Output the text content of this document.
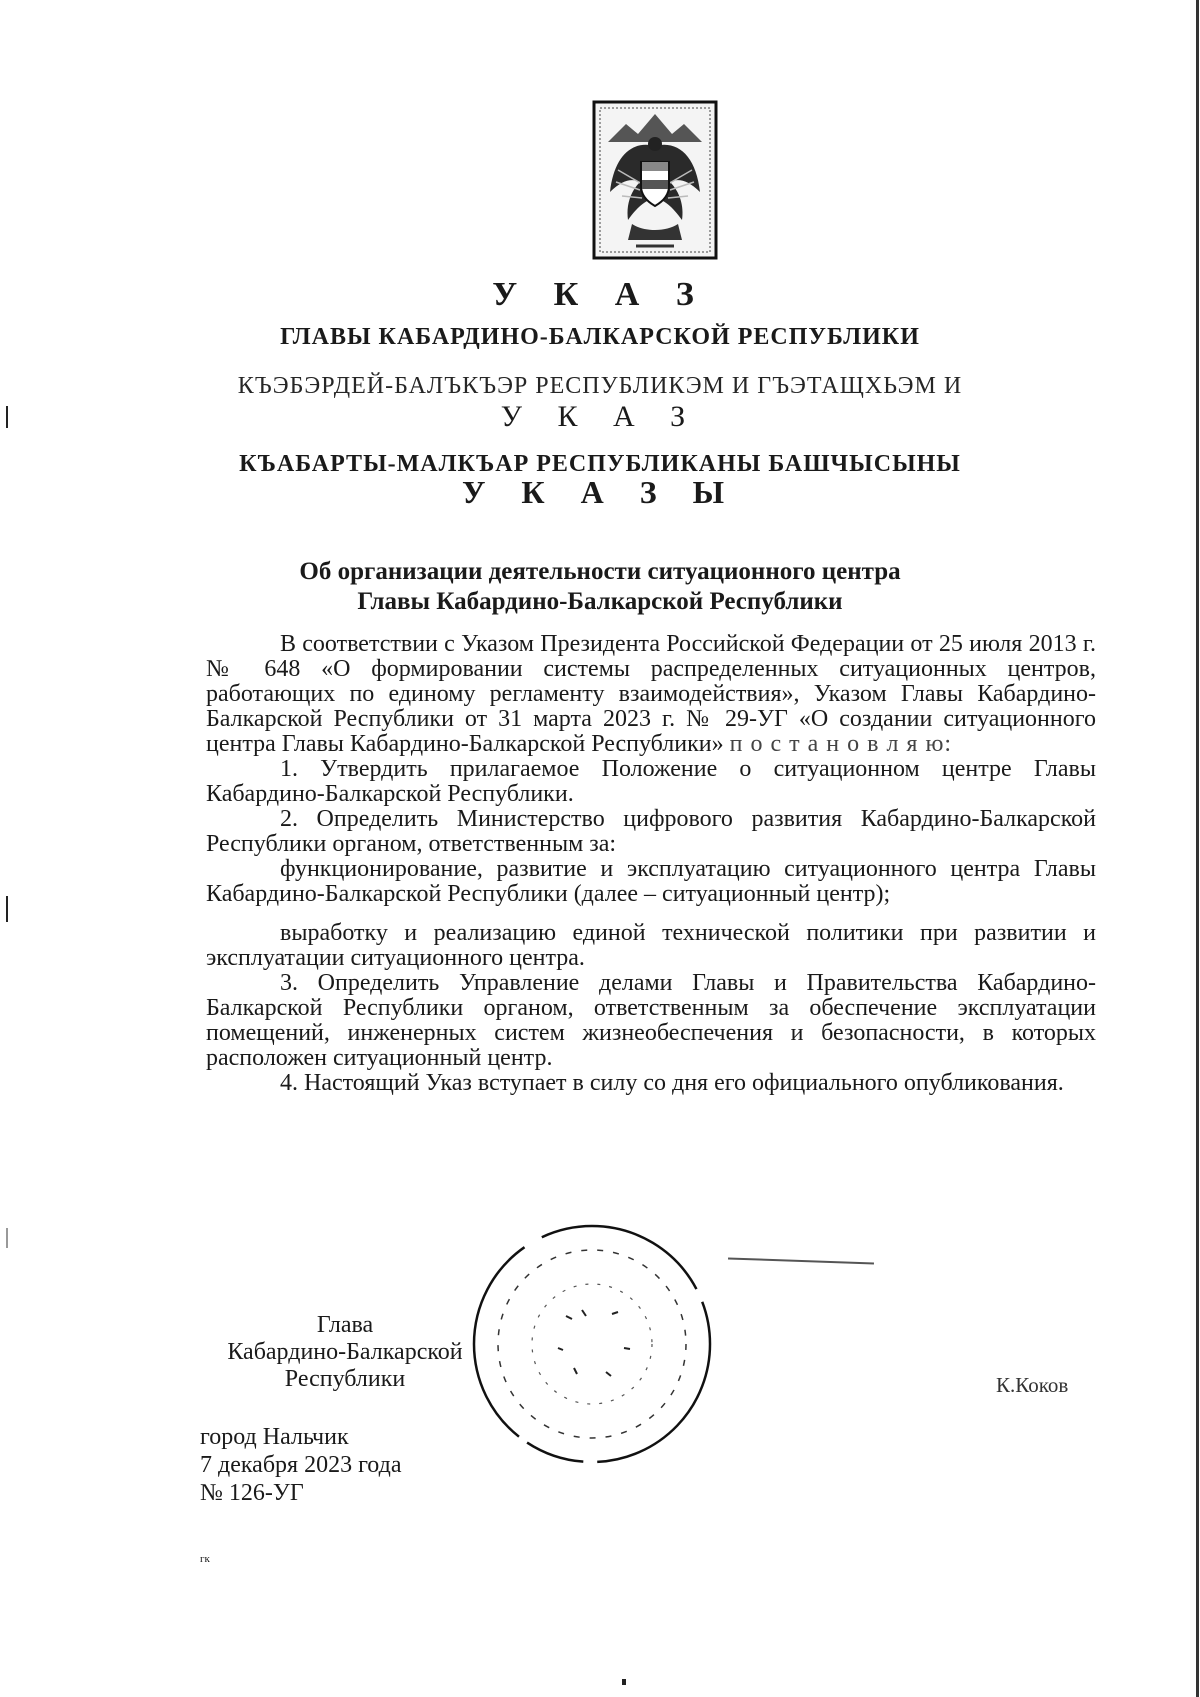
У К А З
ГЛАВЫ КАБАРДИНО-БАЛКАРСКОЙ РЕСПУБЛИКИ
КЪЭБЭРДЕЙ-БАЛЪКЪЭР РЕСПУБЛИКЭМ И ГЪЭТАЩХЬЭМ И
У К А З
КЪАБАРТЫ-МАЛКЪАР РЕСПУБЛИКАНЫ БАШЧЫСЫНЫ
У К А З Ы
Об организации деятельности ситуационного центра
Главы Кабардино-Балкарской Республики
В соответствии с Указом Президента Российской Федерации от 25 июля 2013 г. № 648 «О формировании системы распределенных ситуационных центров, работающих по единому регламенту взаимодействия», Указом Главы Кабардино-Балкарской Республики от 31 марта 2023 г. № 29-УГ «О создании ситуационного центра Главы Кабардино-Балкарской Республики» п о с т а н о в л я ю:
1. Утвердить прилагаемое Положение о ситуационном центре Главы Кабардино-Балкарской Республики.
2. Определить Министерство цифрового развития Кабардино-Балкарской Республики органом, ответственным за:
функционирование, развитие и эксплуатацию ситуационного центра Главы Кабардино-Балкарской Республики (далее – ситуационный центр);
выработку и реализацию единой технической политики при развитии и эксплуатации ситуационного центра.
3. Определить Управление делами Главы и Правительства Кабардино-Балкарской Республики органом, ответственным за обеспечение эксплуатации помещений, инженерных систем жизнеобеспечения и безопасности, в которых расположен ситуационный центр.
4. Настоящий Указ вступает в силу со дня его официального опубликования.
Глава
Кабардино-Балкарской
Республики	К.Коков
город Нальчик
7 декабря 2023 года
№ 126-УГ
гк
